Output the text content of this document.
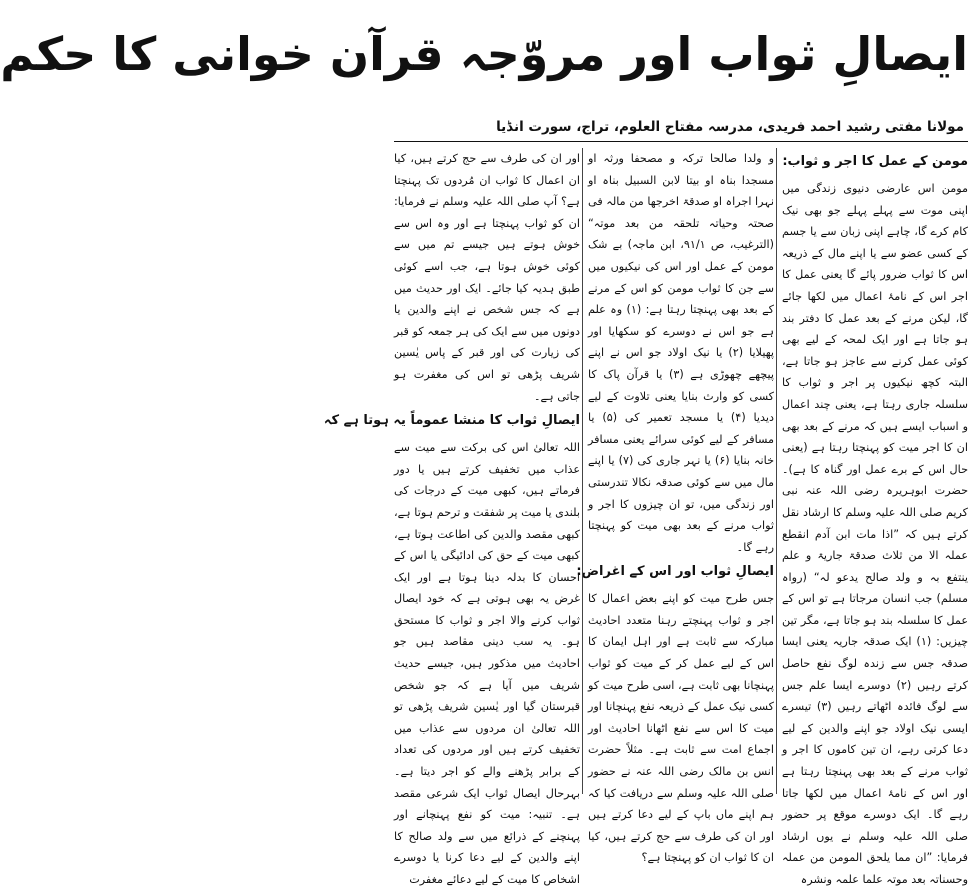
ایصالِ ثواب اور مروّجہ قرآن خوانی کا حکم
مولانا مفتی رشید احمد فریدی، مدرسہ مفتاح العلوم، تراج، سورت انڈیا
مومن کے عمل کا اجر و ثواب:

مومن اس عارضی دنیوی زندگی میں اپنی موت سے پہلے پہلے جو بھی نیک کام کرے گا، چاہے اپنی زبان سے یا جسم کے کسی عضو سے یا اپنے مال کے ذریعہ اس کا ثواب ضرور پائے گا یعنی عمل کا اجر اس کے نامۂ اعمال میں لکھا جائے گا، لیکن مرنے کے بعد عمل کا دفتر بند ہو جاتا ہے اور ایک لمحہ کے لیے بھی کوئی عمل کرنے سے عاجز ہو جاتا ہے، البتہ کچھ نیکیوں پر اجر و ثواب کا سلسلہ جاری رہتا ہے، یعنی چند اعمال و اسباب ایسے ہیں کہ مرنے کے بعد بھی ان کا اجر میت کو پہنچتا رہتا ہے (یعنی حال اس کے برے عمل اور گناہ کا ہے)۔ حضرت ابوہریرہ رضی اللہ عنہ نبی کریم صلی اللہ علیہ وسلم کا ارشاد نقل کرتے ہیں کہ ”اذا مات ابن آدم انقطع عملہ الا من ثلاث صدقۃ جاریۃ و علم ینتفع بہ و ولد صالح یدعو لہ“ (رواہ مسلم) جب انسان مرجاتا ہے تو اس کے عمل کا سلسلہ بند ہو جاتا ہے، مگر تین چیزیں: (۱) ایک صدقہ جاریہ یعنی ایسا صدقہ جس سے زندہ لوگ نفع حاصل کرتے رہیں (۲) دوسرے ایسا علم جس سے لوگ فائدہ اٹھاتے رہیں (۳) تیسرے ایسی نیک اولاد جو اپنے والدین کے لیے دعا کرتی رہے، ان تین کاموں کا اجر و ثواب مرنے کے بعد بھی پہنچتا رہتا ہے اور اس کے نامۂ اعمال میں لکھا جاتا رہے گا۔ ایک دوسرے موقع پر حضور صلی اللہ علیہ وسلم نے یوں ارشاد فرمایا: ”ان مما یلحق المومن من عملہ وحسناتہ بعد موتہ علما علمہ ونشرہ

و ولدا صالحا ترکہ و مصحفا ورثہ او مسجدا بناہ او بیتا لابن السبیل بناہ او نہرا اجراہ او صدقۃ اخرجھا من مالہ فی صحتہ وحیاتہ تلحقہ من بعد موتہ“ (الترغیب، ص ۹۱/۱، ابن ماجہ) بے شک مومن کے عمل اور اس کی نیکیوں میں سے جن کا ثواب مومن کو اس کے مرنے کے بعد بھی پہنچتا رہتا ہے: (۱) وہ علم ہے جو اس نے دوسرے کو سکھایا اور پھیلایا (۲) یا نیک اولاد جو اس نے اپنے پیچھے چھوڑی ہے (۳) یا قرآن پاک کا کسی کو وارث بنایا یعنی تلاوت کے لیے دیدیا (۴) یا مسجد تعمیر کی (۵) یا مسافر کے لیے کوئی سرائے یعنی مسافر خانہ بنایا (۶) یا نہر جاری کی (۷) یا اپنے مال میں سے کوئی صدقہ نکالا تندرستی اور زندگی میں، تو ان چیزوں کا اجر و ثواب مرنے کے بعد بھی میت کو پہنچتا رہے گا۔

ایصالِ ثواب اور اس کے اغراض:

جس طرح میت کو اپنے بعض اعمال کا اجر و ثواب پہنچتے رہنا متعدد احادیث مبارکہ سے ثابت ہے اور اہل ایمان کا اس کے لیے عمل کر کے میت کو ثواب پہنچانا بھی ثابت ہے، اسی طرح میت کو کسی نیک عمل کے ذریعہ نفع پہنچانا اور میت کا اس سے نفع اٹھانا احادیث اور اجماع امت سے ثابت ہے۔ مثلاً حضرت انس بن مالک رضی اللہ عنہ نے حضور صلی اللہ علیہ وسلم سے دریافت کیا کہ ہم اپنے ماں باپ کے لیے دعا کرتے ہیں اور ان کی طرف سے حج کرتے ہیں، کیا ان کا ثواب ان کو پہنچتا ہے؟

اور ان کی طرف سے حج کرتے ہیں، کیا ان اعمال کا ثواب ان مُردوں تک پہنچتا ہے؟ آپ صلی اللہ علیہ وسلم نے فرمایا: ان کو ثواب پہنچتا ہے اور وہ اس سے خوش ہوتے ہیں جیسے تم میں سے کوئی خوش ہوتا ہے، جب اسے کوئی طبق ہدیہ کیا جائے۔ ایک اور حدیث میں ہے کہ جس شخص نے اپنے والدین یا دونوں میں سے ایک کی ہر جمعہ کو قبر کی زیارت کی اور قبر کے پاس یٰسین شریف پڑھی تو اس کی مغفرت ہو جاتی ہے۔

ایصالِ ثواب کا منشا عموماً یہ ہوتا ہے کہ

اللہ تعالیٰ اس کی برکت سے میت سے عذاب میں تخفیف کرتے ہیں یا دور فرماتے ہیں، کبھی میت کے درجات کی بلندی یا میت پر شفقت و ترحم ہوتا ہے، کبھی مقصد والدین کی اطاعت ہوتا ہے، کبھی میت کے حق کی ادائیگی یا اس کے احسان کا بدلہ دینا ہوتا ہے اور ایک غرض یہ بھی ہوتی ہے کہ خود ایصال ثواب کرنے والا اجر و ثواب کا مستحق ہو۔ یہ سب دینی مقاصد ہیں جو احادیث میں مذکور ہیں، جیسے حدیث شریف میں آیا ہے کہ جو شخص قبرستان گیا اور یٰسین شریف پڑھی تو اللہ تعالیٰ ان مردوں سے عذاب میں تخفیف کرتے ہیں اور مردوں کی تعداد کے برابر پڑھنے والے کو اجر دیتا ہے۔ بہرحال ایصال ثواب ایک شرعی مقصد ہے۔ تنبیہ: میت کو نفع پہنچانے اور پہنچنے کے ذرائع میں سے ولد صالح کا اپنے والدین کے لیے دعا کرنا یا دوسرے اشخاص کا میت کے لیے دعائے مغفرت
